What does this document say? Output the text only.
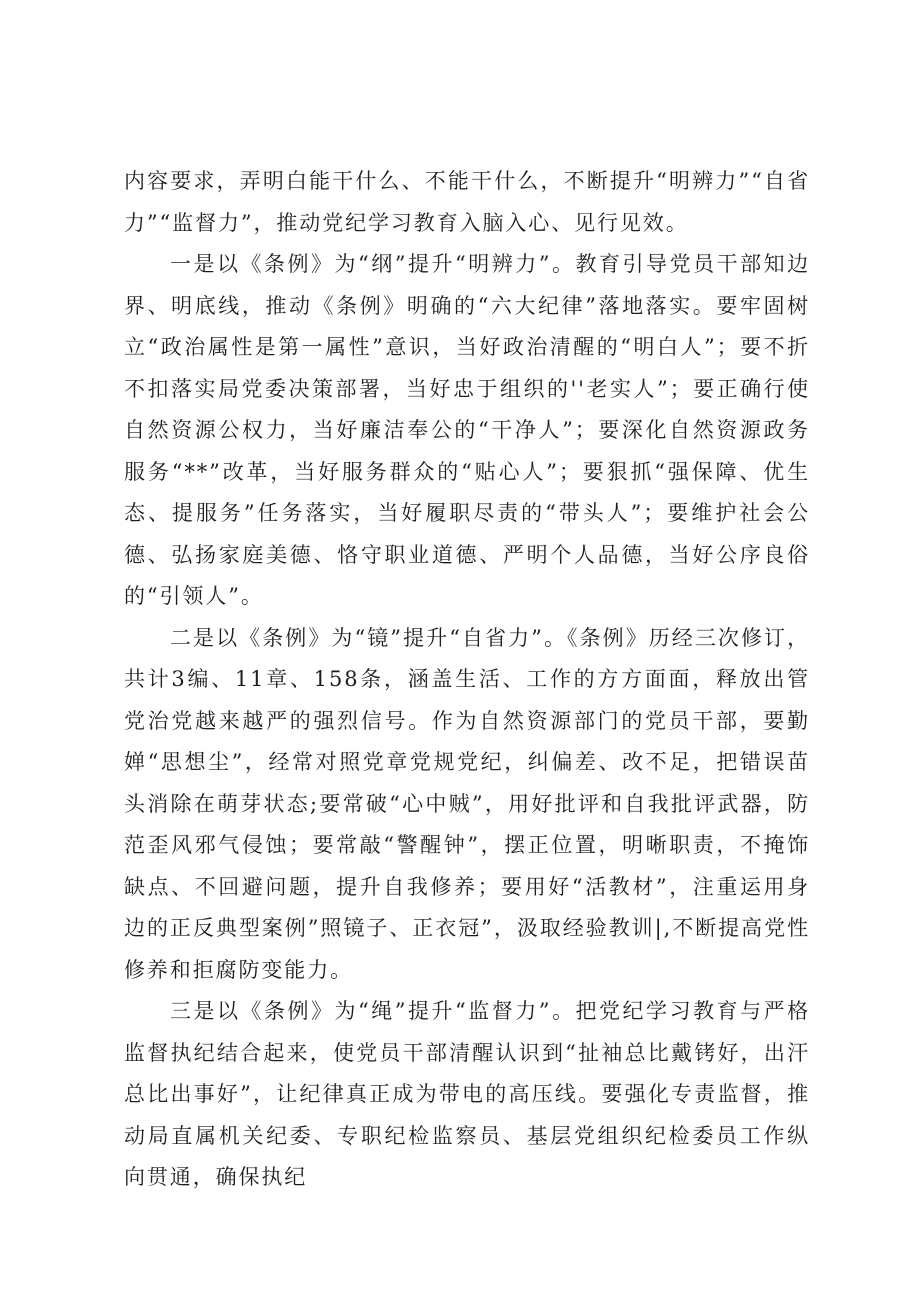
内容要求，弄明白能干什么、不能干什么，不断提升“明辨力”“自省力”“监督力”，推动党纪学习教育入脑入心、见行见效。

一是以《条例》为“纲”提升“明辨力”。教育引导党员干部知边界、明底线，推动《条例》明确的“六大纪律”落地落实。要牢固树立“政治属性是第一属性”意识，当好政治清醒的“明白人”；要不折不扣落实局党委决策部署，当好忠于组织的''老实人”；要正确行使自然资源公权力，当好廉洁奉公的“干净人”；要深化自然资源政务服务“**”改革，当好服务群众的“贴心人”；要狠抓“强保障、优生态、提服务”任务落实，当好履职尽责的“带头人”；要维护社会公德、弘扬家庭美德、恪守职业道德、严明个人品德，当好公序良俗的“引领人”。

二是以《条例》为“镜”提升“自省力”。《条例》历经三次修订，共计3编、11章、158条，涵盖生活、工作的方方面面，释放出管党治党越来越严的强烈信号。作为自然资源部门的党员干部，要勤婵“思想尘”，经常对照党章党规党纪，纠偏差、改不足，把错误苗头消除在萌芽状态;要常破“心中贼”，用好批评和自我批评武器，防范歪风邪气侵蚀；要常敲“警醒钟”，摆正位置，明晰职责，不掩饰缺点、不回避问题，提升自我修养；要用好“活教材”，注重运用身边的正反典型案例”照镜子、正衣冠”，汲取经验教训|,不断提高党性修养和拒腐防变能力。

三是以《条例》为“绳”提升“监督力”。把党纪学习教育与严格监督执纪结合起来，使党员干部清醒认识到“扯袖总比戴铐好，出汗总比出事好”，让纪律真正成为带电的高压线。要强化专责监督，推动局直属机关纪委、专职纪检监察员、基层党组织纪检委员工作纵向贯通，确保执纪
